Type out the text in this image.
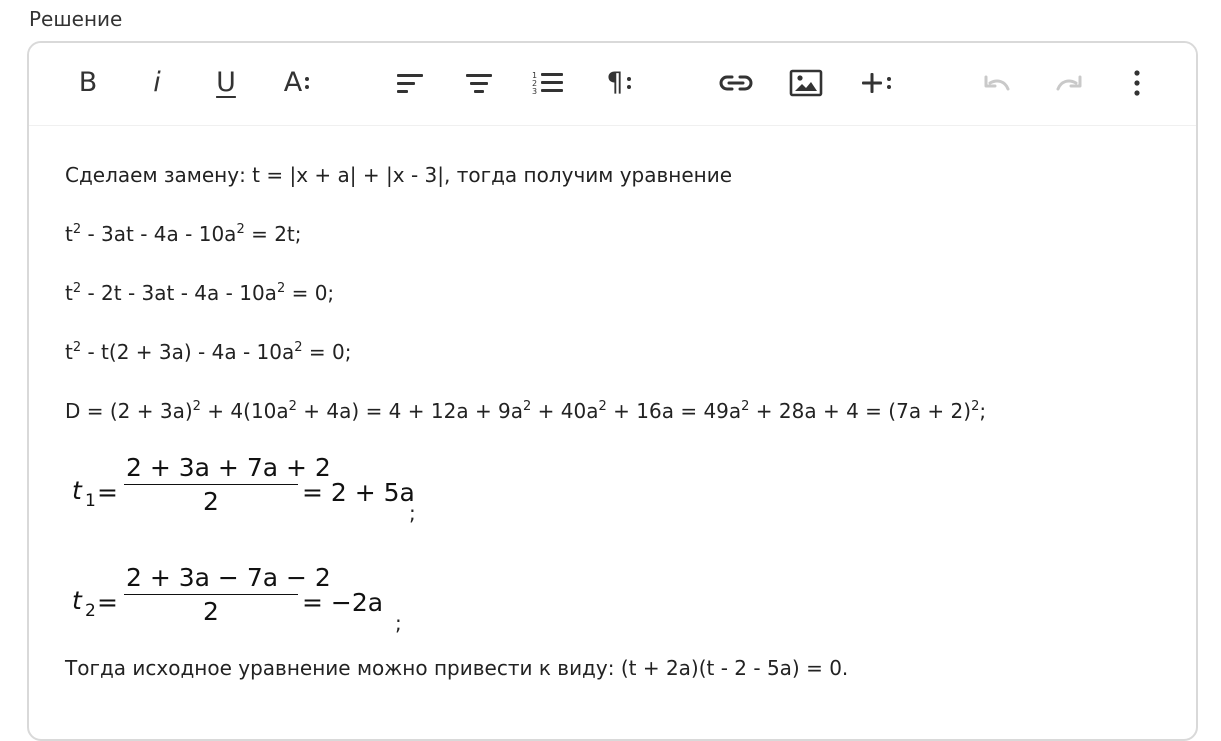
Решение
B i U A	1
2
3	¶
Сделаем замену: t = |x + a| + |x - 3|, тогда получим уравнение
$t^2 - 3at - 4a - 10a^2 = 2t$;
$t^2 - 2t - 3at - 4a - 10a^2 = 0$;
$t^2 - t(2 + 3a) - 4a - 10a^2 = 0$;
$D = (2 + 3a)^2 + 4(10a^2 + 4a) = 4 + 12a + 9a^2 + 40a^2 + 16a = 49a^2 + 28a + 4 = (7a + 2)^2$;
t 1 =
2 + 3a + 7a + 2
2	= 2 + 5a
;
t 2 =
2 + 3a − 7a − 2
2	= −2a
;
Тогда исходное уравнение можно привести к виду: (t + 2a)(t - 2 - 5a) = 0.
